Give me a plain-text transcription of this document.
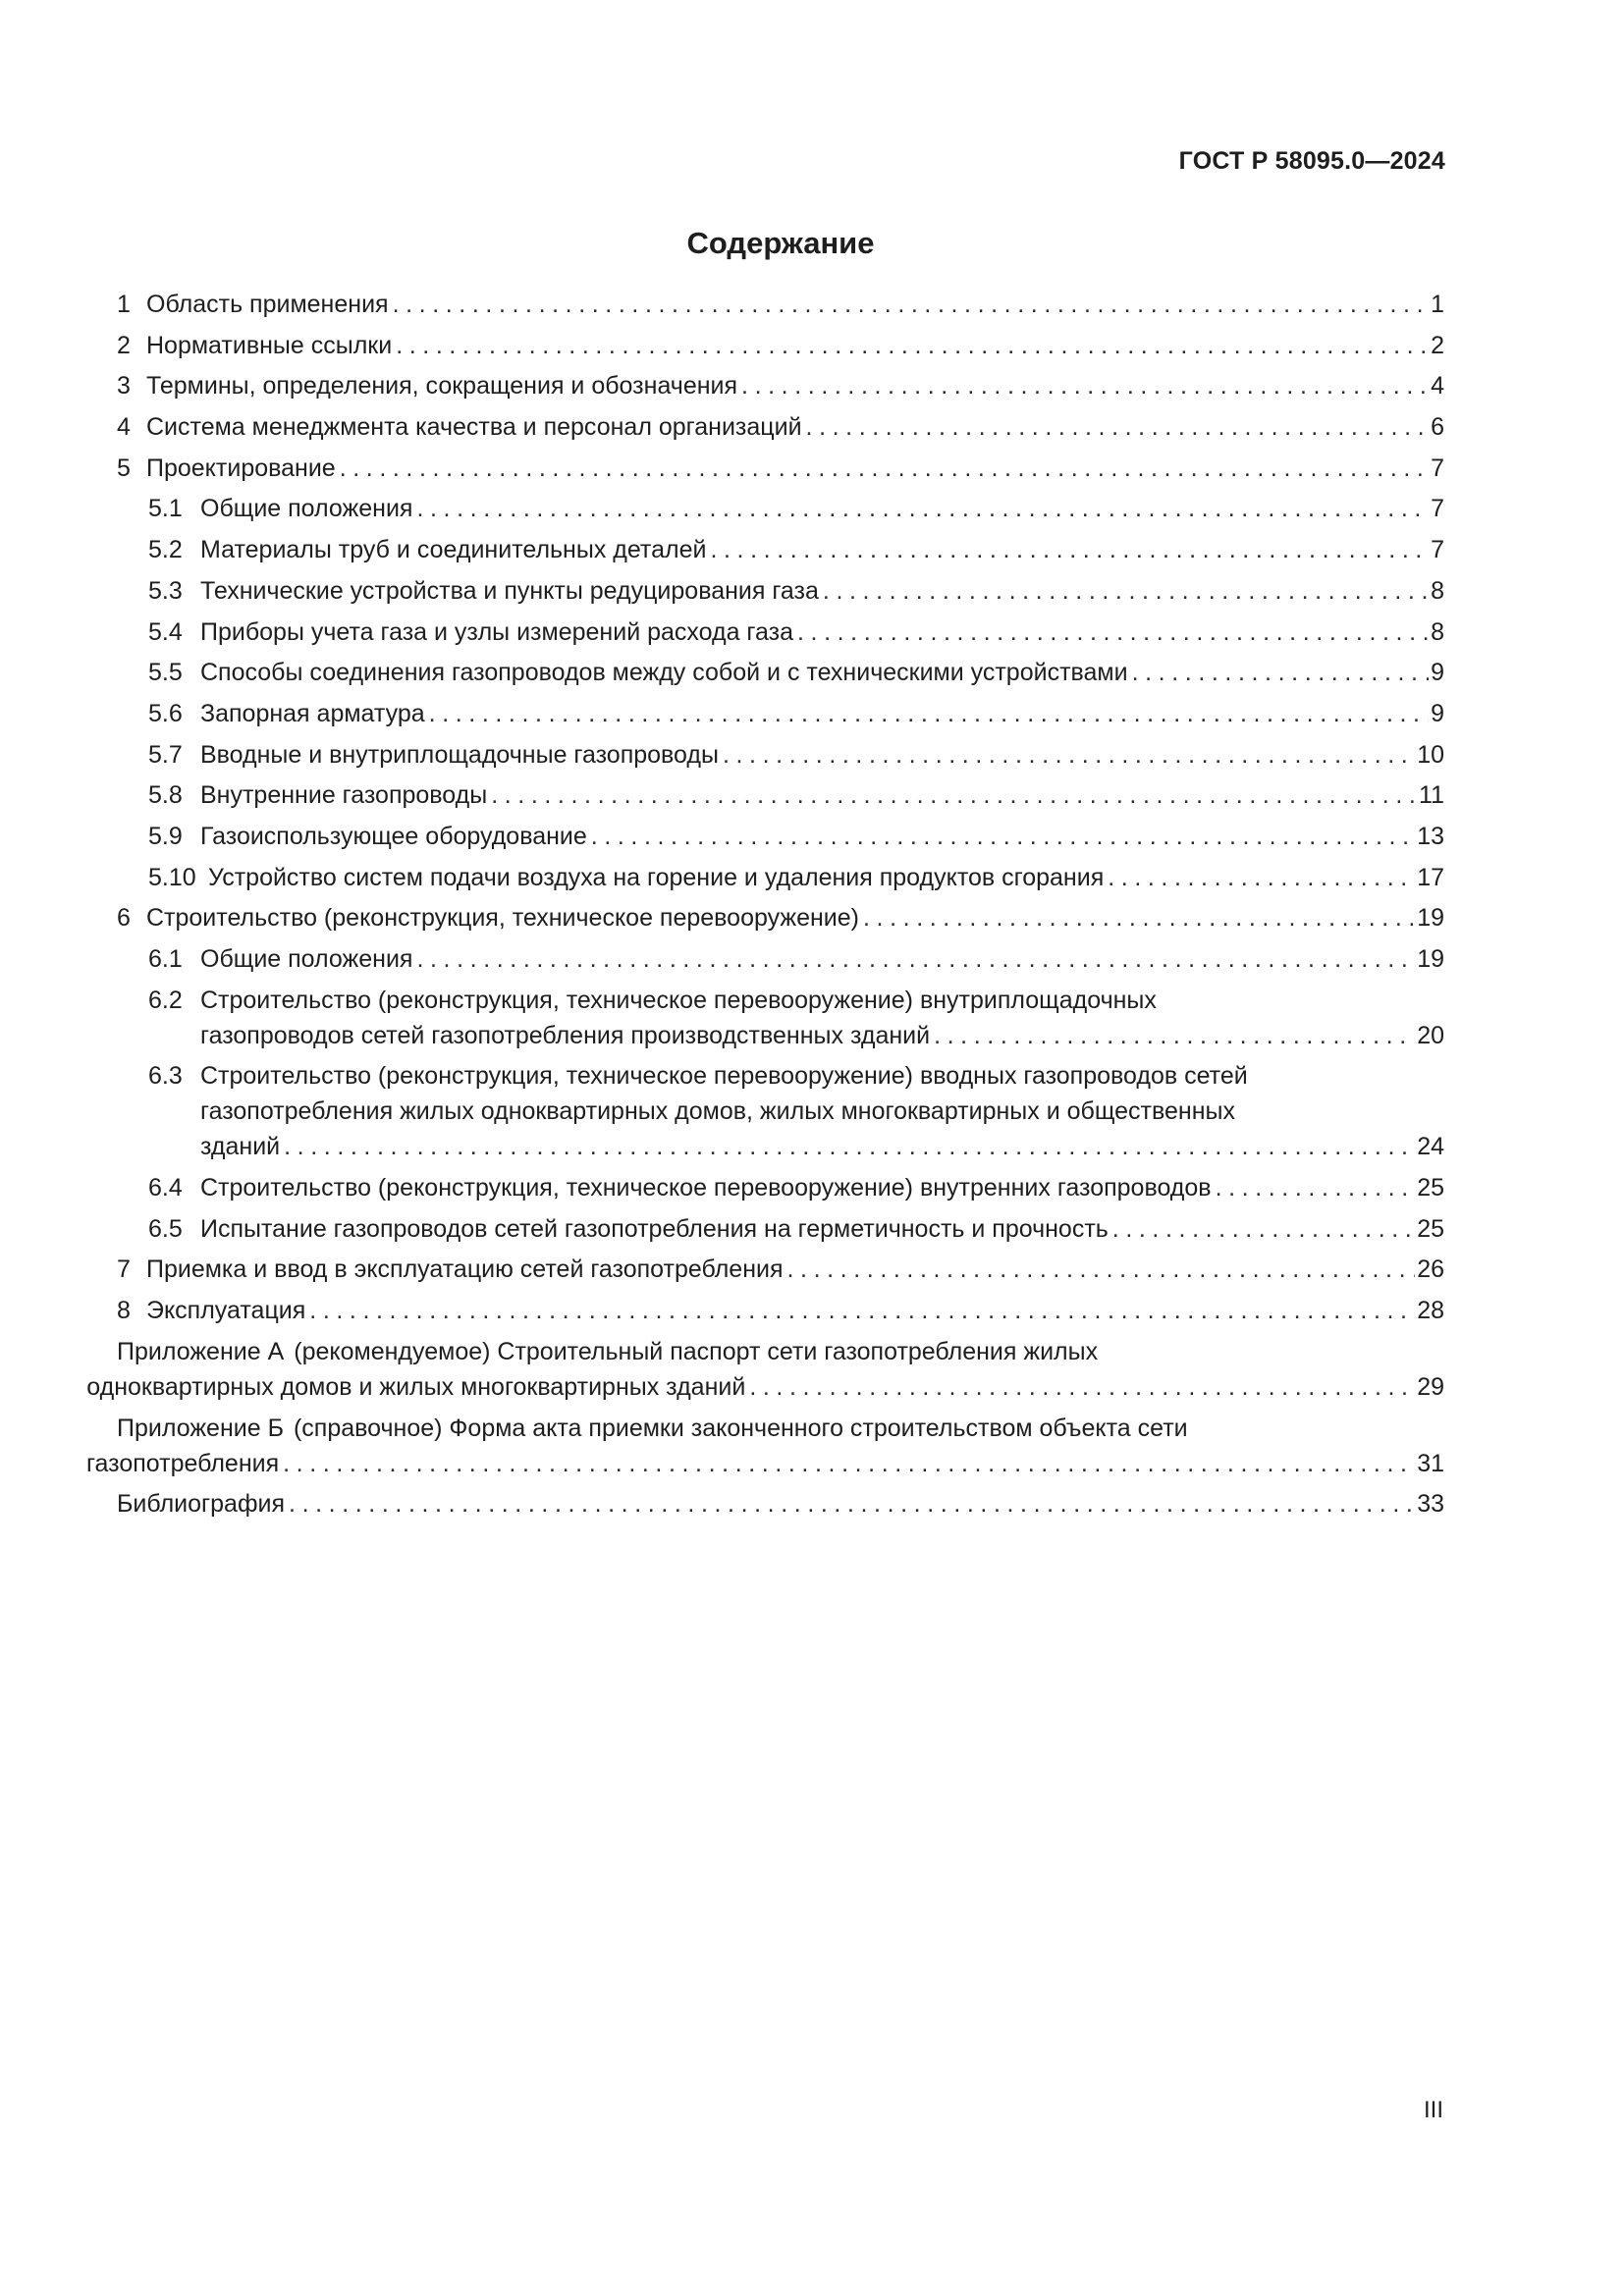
ГОСТ Р 58095.0—2024
Содержание
1 Область применения .....	1
2 Нормативные ссылки .....	2
3 Термины, определения, сокращения и обозначения .....	4
4 Система менеджмента качества и персонал организаций .....	6
5 Проектирование .....	7
5.1 Общие положения .....	7
5.2 Материалы труб и соединительных деталей .....	7
5.3 Технические устройства и пункты редуцирования газа .....	8
5.4 Приборы учета газа и узлы измерений расхода газа .....	8
5.5 Способы соединения газопроводов между собой и с техническими устройствами .....	9
5.6 Запорная арматура .....	9
5.7 Вводные и внутриплощадочные газопроводы .....	10
5.8 Внутренние газопроводы .....	11
5.9 Газоиспользующее оборудование .....	13
5.10 Устройство систем подачи воздуха на горение и удаления продуктов сгорания .....	17
6 Строительство (реконструкция, техническое перевооружение) .....	19
6.1 Общие положения .....	19
6.2 Строительство (реконструкция, техническое перевооружение) внутриплощадочных
газопроводов сетей газопотребления производственных зданий .....	20
6.3 Строительство (реконструкция, техническое перевооружение) вводных газопроводов сетей
газопотребления жилых одноквартирных домов, жилых многоквартирных и общественных
зданий .....	24
6.4 Строительство (реконструкция, техническое перевооружение) внутренних газопроводов .....	25
6.5 Испытание газопроводов сетей газопотребления на герметичность и прочность .....	25
7 Приемка и ввод в эксплуатацию сетей газопотребления .....	26
8 Эксплуатация .....	28
Приложение А (рекомендуемое) Строительный паспорт сети газопотребления жилых
одноквартирных домов и жилых многоквартирных зданий .....	29
Приложение Б (справочное) Форма акта приемки законченного строительством объекта сети
газопотребления .....	31
Библиография .....	33
III
